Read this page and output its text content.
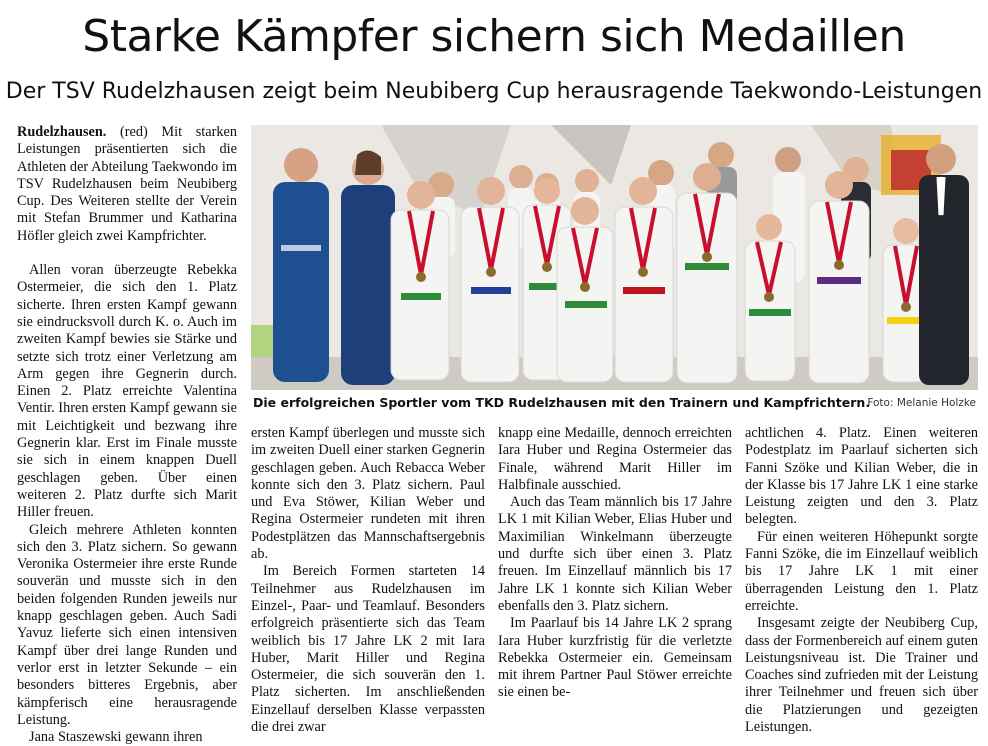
Starke Kämpfer sichern sich Medaillen
Der TSV Rudelzhausen zeigt beim Neubiberg Cup herausragende Taekwondo-Leistungen

Rudelzhausen. (red) Mit starken Leistungen präsentierten sich die Athleten der Abteilung Taekwondo im TSV Rudelzhausen beim Neubiberg Cup. Des Weiteren stellte der Verein mit Stefan Brummer und Katharina Höfler gleich zwei Kampfrichter.

Allen voran überzeugte Rebekka Ostermeier, die sich den 1. Platz sicherte. Ihren ersten Kampf gewann sie eindrucksvoll durch K. o. Auch im zweiten Kampf bewies sie Stärke und setzte sich trotz einer Verletzung am Arm gegen ihre Gegnerin durch. Einen 2. Platz erreichte Valentina Ventir. Ihren ersten Kampf gewann sie mit Leichtigkeit und bezwang ihre Gegnerin klar. Erst im Finale musste sie sich in einem knappen Duell geschlagen geben. Über einen weiteren 2. Platz durfte sich Marit Hiller freuen.

Gleich mehrere Athleten konnten sich den 3. Platz sichern. So gewann Veronika Ostermeier ihre erste Runde souverän und musste sich in den beiden folgenden Runden jeweils nur knapp geschlagen geben. Auch Sadi Yavuz lieferte sich einen intensiven Kampf über drei lange Runden und verlor erst in letzter Sekunde – ein besonders bitteres Ergebnis, aber kämpferisch eine herausragende Leistung.

Jana Staszewski gewann ihren

Die erfolgreichen Sportler vom TKD Rudelzhausen mit den Trainern und Kampfrichtern.
Foto: Melanie Holzke

ersten Kampf überlegen und musste sich im zweiten Duell einer starken Gegnerin geschlagen geben. Auch Rebacca Weber konnte sich den 3. Platz sichern. Paul und Eva Stöwer, Kilian Weber und Regina Ostermeier rundeten mit ihren Podestplätzen das Mannschaftsergebnis ab.

Im Bereich Formen starteten 14 Teilnehmer aus Rudelzhausen im Einzel-, Paar- und Teamlauf. Besonders erfolgreich präsentierte sich das Team weiblich bis 17 Jahre LK 2 mit Iara Huber, Marit Hiller und Regina Ostermeier, die sich souverän den 1. Platz sicherten. Im anschließenden Einzellauf derselben Klasse verpassten die drei zwar

knapp eine Medaille, dennoch erreichten Iara Huber und Regina Ostermeier das Finale, während Marit Hiller im Halbfinale ausschied.

Auch das Team männlich bis 17 Jahre LK 1 mit Kilian Weber, Elias Huber und Maximilian Winkelmann überzeugte und durfte sich über einen 3. Platz freuen. Im Einzellauf männlich bis 17 Jahre LK 1 konnte sich Kilian Weber ebenfalls den 3. Platz sichern.

Im Paarlauf bis 14 Jahre LK 2 sprang Iara Huber kurzfristig für die verletzte Rebekka Ostermeier ein. Gemeinsam mit ihrem Partner Paul Stöwer erreichte sie einen be-

achtlichen 4. Platz. Einen weiteren Podestplatz im Paarlauf sicherten sich Fanni Szöke und Kilian Weber, die in der Klasse bis 17 Jahre LK 1 eine starke Leistung zeigten und den 3. Platz belegten.

Für einen weiteren Höhepunkt sorgte Fanni Szöke, die im Einzellauf weiblich bis 17 Jahre LK 1 mit einer überragenden Leistung den 1. Platz erreichte.

Insgesamt zeigte der Neubiberg Cup, dass der Formenbereich auf einem guten Leistungsniveau ist. Die Trainer und Coaches sind zufrieden mit der Leistung ihrer Teilnehmer und freuen sich über die Platzierungen und gezeigten Leistungen.
